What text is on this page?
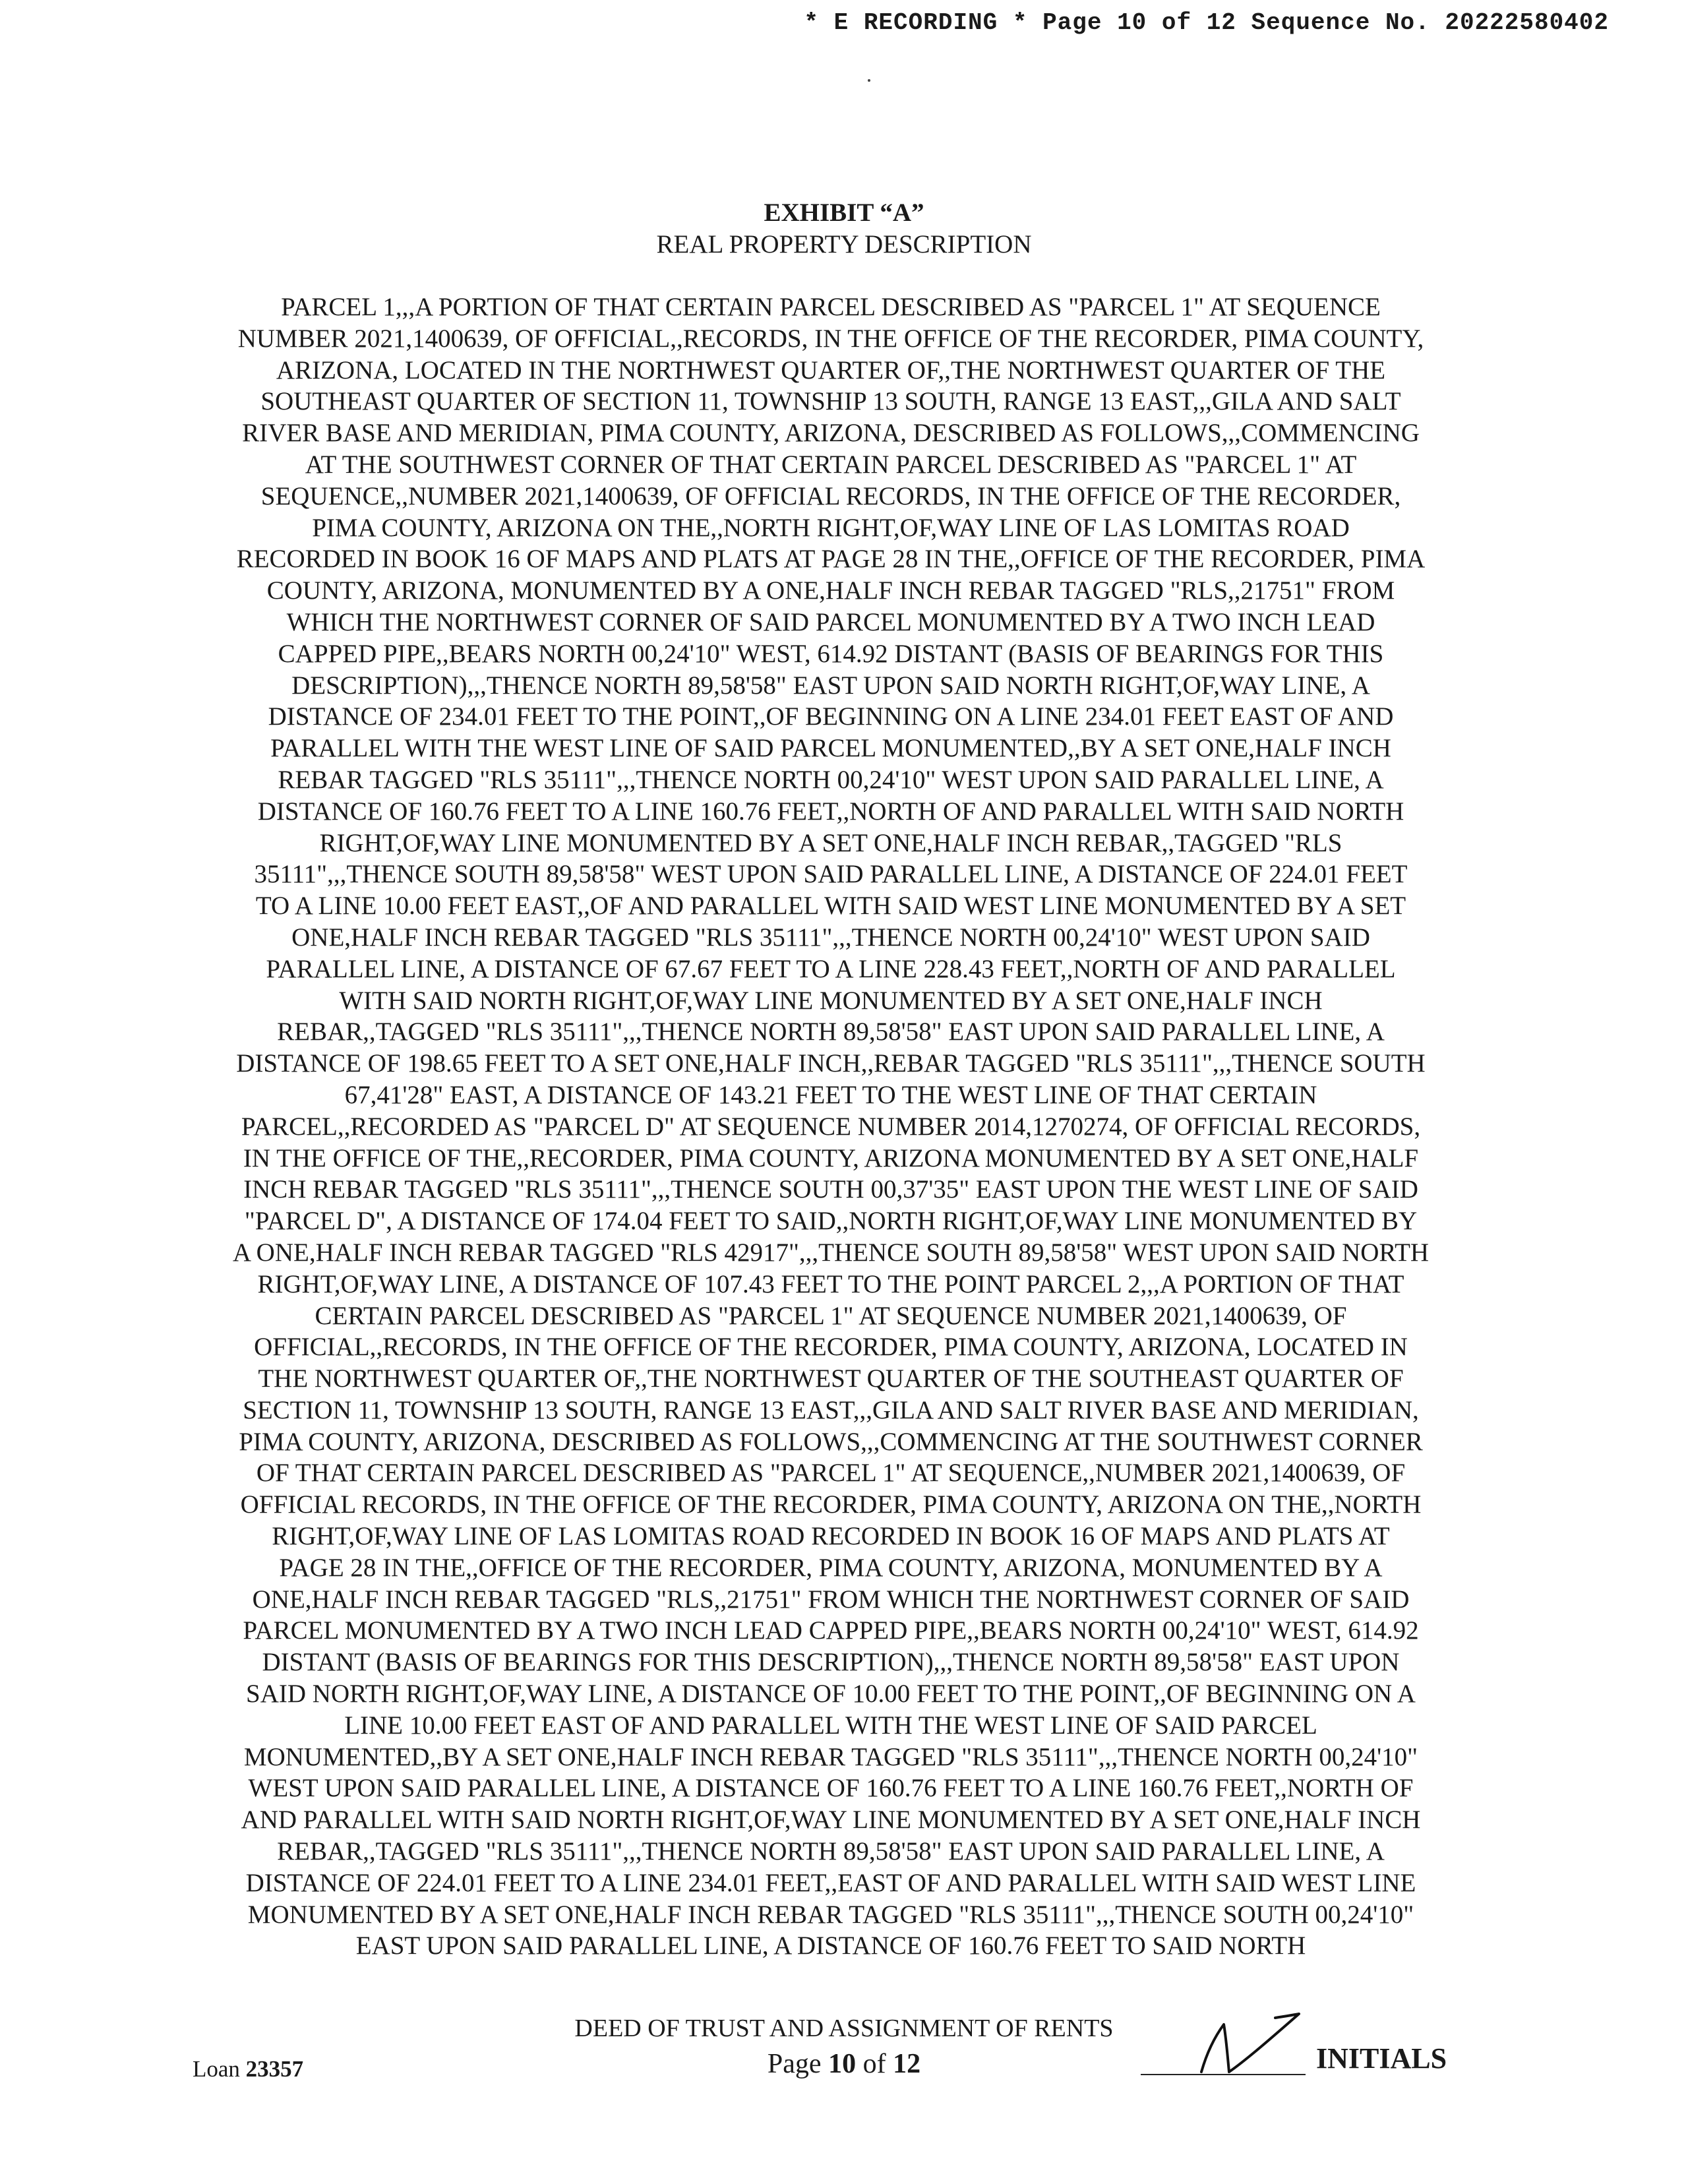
* E RECORDING * Page 10 of 12 Sequence No. 20222580402
EXHIBIT “A”
REAL PROPERTY DESCRIPTION
PARCEL 1,,,A PORTION OF THAT CERTAIN PARCEL DESCRIBED AS "PARCEL 1" AT SEQUENCE
NUMBER 2021,1400639, OF OFFICIAL,,RECORDS, IN THE OFFICE OF THE RECORDER, PIMA COUNTY,
ARIZONA, LOCATED IN THE NORTHWEST QUARTER OF,,THE NORTHWEST QUARTER OF THE
SOUTHEAST QUARTER OF SECTION 11, TOWNSHIP 13 SOUTH, RANGE 13 EAST,,,GILA AND SALT
RIVER BASE AND MERIDIAN, PIMA COUNTY, ARIZONA, DESCRIBED AS FOLLOWS,,,COMMENCING
AT THE SOUTHWEST CORNER OF THAT CERTAIN PARCEL DESCRIBED AS "PARCEL 1" AT
SEQUENCE,,NUMBER 2021,1400639, OF OFFICIAL RECORDS, IN THE OFFICE OF THE RECORDER,
PIMA COUNTY, ARIZONA ON THE,,NORTH RIGHT,OF,WAY LINE OF LAS LOMITAS ROAD
RECORDED IN BOOK 16 OF MAPS AND PLATS AT PAGE 28 IN THE,,OFFICE OF THE RECORDER, PIMA
COUNTY, ARIZONA, MONUMENTED BY A ONE,HALF INCH REBAR TAGGED "RLS,,21751" FROM
WHICH THE NORTHWEST CORNER OF SAID PARCEL MONUMENTED BY A TWO INCH LEAD
CAPPED PIPE,,BEARS NORTH 00,24'10" WEST, 614.92 DISTANT (BASIS OF BEARINGS FOR THIS
DESCRIPTION),,,THENCE NORTH 89,58'58" EAST UPON SAID NORTH RIGHT,OF,WAY LINE, A
DISTANCE OF 234.01 FEET TO THE POINT,,OF BEGINNING ON A LINE 234.01 FEET EAST OF AND
PARALLEL WITH THE WEST LINE OF SAID PARCEL MONUMENTED,,BY A SET ONE,HALF INCH
REBAR TAGGED "RLS 35111",,,THENCE NORTH 00,24'10" WEST UPON SAID PARALLEL LINE, A
DISTANCE OF 160.76 FEET TO A LINE 160.76 FEET,,NORTH OF AND PARALLEL WITH SAID NORTH
RIGHT,OF,WAY LINE MONUMENTED BY A SET ONE,HALF INCH REBAR,,TAGGED "RLS
35111",,,THENCE SOUTH 89,58'58" WEST UPON SAID PARALLEL LINE, A DISTANCE OF 224.01 FEET
TO A LINE 10.00 FEET EAST,,OF AND PARALLEL WITH SAID WEST LINE MONUMENTED BY A SET
ONE,HALF INCH REBAR TAGGED "RLS 35111",,,THENCE NORTH 00,24'10" WEST UPON SAID
PARALLEL LINE, A DISTANCE OF 67.67 FEET TO A LINE 228.43 FEET,,NORTH OF AND PARALLEL
WITH SAID NORTH RIGHT,OF,WAY LINE MONUMENTED BY A SET ONE,HALF INCH
REBAR,,TAGGED "RLS 35111",,,THENCE NORTH 89,58'58" EAST UPON SAID PARALLEL LINE, A
DISTANCE OF 198.65 FEET TO A SET ONE,HALF INCH,,REBAR TAGGED "RLS 35111",,,THENCE SOUTH
67,41'28" EAST, A DISTANCE OF 143.21 FEET TO THE WEST LINE OF THAT CERTAIN
PARCEL,,RECORDED AS "PARCEL D" AT SEQUENCE NUMBER 2014,1270274, OF OFFICIAL RECORDS,
IN THE OFFICE OF THE,,RECORDER, PIMA COUNTY, ARIZONA MONUMENTED BY A SET ONE,HALF
INCH REBAR TAGGED "RLS 35111",,,THENCE SOUTH 00,37'35" EAST UPON THE WEST LINE OF SAID
"PARCEL D", A DISTANCE OF 174.04 FEET TO SAID,,NORTH RIGHT,OF,WAY LINE MONUMENTED BY
A ONE,HALF INCH REBAR TAGGED "RLS 42917",,,THENCE SOUTH 89,58'58" WEST UPON SAID NORTH
RIGHT,OF,WAY LINE, A DISTANCE OF 107.43 FEET TO THE POINT PARCEL 2,,,A PORTION OF THAT
CERTAIN PARCEL DESCRIBED AS "PARCEL 1" AT SEQUENCE NUMBER 2021,1400639, OF
OFFICIAL,,RECORDS, IN THE OFFICE OF THE RECORDER, PIMA COUNTY, ARIZONA, LOCATED IN
THE NORTHWEST QUARTER OF,,THE NORTHWEST QUARTER OF THE SOUTHEAST QUARTER OF
SECTION 11, TOWNSHIP 13 SOUTH, RANGE 13 EAST,,,GILA AND SALT RIVER BASE AND MERIDIAN,
PIMA COUNTY, ARIZONA, DESCRIBED AS FOLLOWS,,,COMMENCING AT THE SOUTHWEST CORNER
OF THAT CERTAIN PARCEL DESCRIBED AS "PARCEL 1" AT SEQUENCE,,NUMBER 2021,1400639, OF
OFFICIAL RECORDS, IN THE OFFICE OF THE RECORDER, PIMA COUNTY, ARIZONA ON THE,,NORTH
RIGHT,OF,WAY LINE OF LAS LOMITAS ROAD RECORDED IN BOOK 16 OF MAPS AND PLATS AT
PAGE 28 IN THE,,OFFICE OF THE RECORDER, PIMA COUNTY, ARIZONA, MONUMENTED BY A
ONE,HALF INCH REBAR TAGGED "RLS,,21751" FROM WHICH THE NORTHWEST CORNER OF SAID
PARCEL MONUMENTED BY A TWO INCH LEAD CAPPED PIPE,,BEARS NORTH 00,24'10" WEST, 614.92
DISTANT (BASIS OF BEARINGS FOR THIS DESCRIPTION),,,THENCE NORTH 89,58'58" EAST UPON
SAID NORTH RIGHT,OF,WAY LINE, A DISTANCE OF 10.00 FEET TO THE POINT,,OF BEGINNING ON A
LINE 10.00 FEET EAST OF AND PARALLEL WITH THE WEST LINE OF SAID PARCEL
MONUMENTED,,BY A SET ONE,HALF INCH REBAR TAGGED "RLS 35111",,,THENCE NORTH 00,24'10"
WEST UPON SAID PARALLEL LINE, A DISTANCE OF 160.76 FEET TO A LINE 160.76 FEET,,NORTH OF
AND PARALLEL WITH SAID NORTH RIGHT,OF,WAY LINE MONUMENTED BY A SET ONE,HALF INCH
REBAR,,TAGGED "RLS 35111",,,THENCE NORTH 89,58'58" EAST UPON SAID PARALLEL LINE, A
DISTANCE OF 224.01 FEET TO A LINE 234.01 FEET,,EAST OF AND PARALLEL WITH SAID WEST LINE
MONUMENTED BY A SET ONE,HALF INCH REBAR TAGGED "RLS 35111",,,THENCE SOUTH 00,24'10"
EAST UPON SAID PARALLEL LINE, A DISTANCE OF 160.76 FEET TO SAID NORTH
Loan 23357
DEED OF TRUST AND ASSIGNMENT OF RENTS
Page 10 of 12	INITIALS
